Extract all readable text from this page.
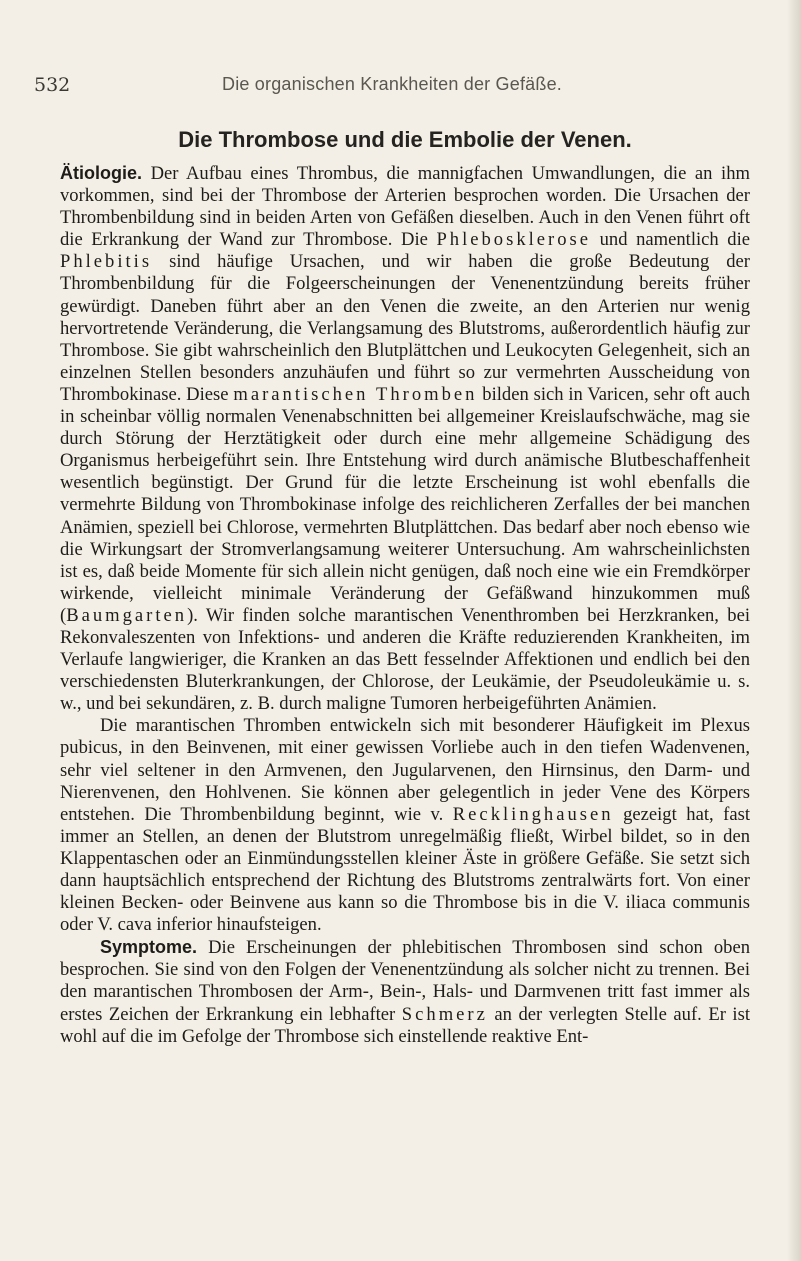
532	Die organischen Krankheiten der Gefäße.
Die Thrombose und die Embolie der Venen.

Ätiologie. Der Aufbau eines Thrombus, die mannigfachen Umwandlungen, die an ihm vorkommen, sind bei der Thrombose der Arterien besprochen worden. Die Ursachen der Thrombenbildung sind in beiden Arten von Gefäßen dieselben. Auch in den Venen führt oft die Erkrankung der Wand zur Thrombose. Die Phlebosklerose und namentlich die Phlebitis sind häufige Ursachen, und wir haben die große Bedeutung der Thrombenbildung für die Folgeerscheinungen der Venenentzündung bereits früher gewürdigt. Daneben führt aber an den Venen die zweite, an den Arterien nur wenig hervortretende Veränderung, die Verlangsamung des Blutstroms, außerordentlich häufig zur Thrombose. Sie gibt wahrscheinlich den Blutplättchen und Leukocyten Gelegenheit, sich an einzelnen Stellen besonders anzuhäufen und führt so zur vermehrten Ausscheidung von Thrombokinase. Diese marantischen Thromben bilden sich in Varicen, sehr oft auch in scheinbar völlig normalen Venenabschnitten bei allgemeiner Kreislaufschwäche, mag sie durch Störung der Herztätigkeit oder durch eine mehr allgemeine Schädigung des Organismus herbeigeführt sein. Ihre Entstehung wird durch anämische Blutbeschaffenheit wesentlich begünstigt. Der Grund für die letzte Erscheinung ist wohl ebenfalls die vermehrte Bildung von Thrombokinase infolge des reichlicheren Zerfalles der bei manchen Anämien, speziell bei Chlorose, vermehrten Blutplättchen. Das bedarf aber noch ebenso wie die Wirkungsart der Stromverlangsamung weiterer Untersuchung. Am wahrscheinlichsten ist es, daß beide Momente für sich allein nicht genügen, daß noch eine wie ein Fremdkörper wirkende, vielleicht minimale Veränderung der Gefäßwand hinzukommen muß (Baumgarten). Wir finden solche marantischen Venenthromben bei Herzkranken, bei Rekonvaleszenten von Infektions- und anderen die Kräfte reduzierenden Krankheiten, im Verlaufe langwieriger, die Kranken an das Bett fesselnder Affektionen und endlich bei den verschiedensten Bluterkrankungen, der Chlorose, der Leukämie, der Pseudoleukämie u. s. w., und bei sekundären, z. B. durch maligne Tumoren herbeigeführten Anämien.

Die marantischen Thromben entwickeln sich mit besonderer Häufigkeit im Plexus pubicus, in den Beinvenen, mit einer gewissen Vorliebe auch in den tiefen Wadenvenen, sehr viel seltener in den Armvenen, den Jugularvenen, den Hirnsinus, den Darm- und Nierenvenen, den Hohlvenen. Sie können aber gelegentlich in jeder Vene des Körpers entstehen. Die Thrombenbildung beginnt, wie v. Recklinghausen gezeigt hat, fast immer an Stellen, an denen der Blutstrom unregelmäßig fließt, Wirbel bildet, so in den Klappentaschen oder an Einmündungsstellen kleiner Äste in größere Gefäße. Sie setzt sich dann hauptsächlich entsprechend der Richtung des Blutstroms zentralwärts fort. Von einer kleinen Becken- oder Beinvene aus kann so die Thrombose bis in die V. iliaca communis oder V. cava inferior hinaufsteigen.

Symptome. Die Erscheinungen der phlebitischen Thrombosen sind schon oben besprochen. Sie sind von den Folgen der Venenentzündung als solcher nicht zu trennen. Bei den marantischen Thrombosen der Arm-, Bein-, Hals- und Darmvenen tritt fast immer als erstes Zeichen der Erkrankung ein lebhafter Schmerz an der verlegten Stelle auf. Er ist wohl auf die im Gefolge der Thrombose sich einstellende reaktive Ent-
